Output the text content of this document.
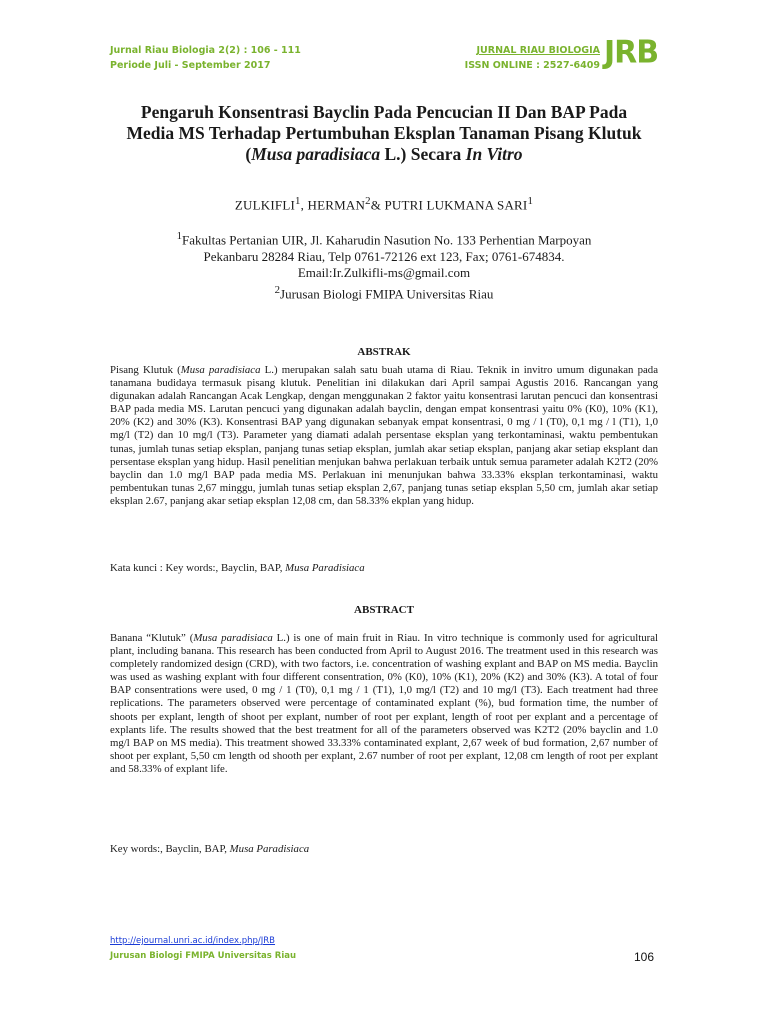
Jurnal Riau Biologia 2(2) : 106 - 111
Periode Juli - September 2017
JURNAL RIAU BIOLOGIA
ISSN ONLINE : 2527-6409 JRB
Pengaruh Konsentrasi Bayclin Pada Pencucian II Dan BAP Pada
Media MS Terhadap Pertumbuhan Eksplan Tanaman Pisang Klutuk
(Musa paradisiaca L.) Secara In Vitro
ZULKIFLI$^1$, HERMAN$^2$& PUTRI LUKMANA SARI$^1$
$^1$Fakultas Pertanian UIR, Jl. Kaharudin Nasution No. 133 Perhentian Marpoyan
Pekanbaru 28284 Riau, Telp 0761-72126 ext 123, Fax; 0761-674834.
Email:Ir.Zulkifli-ms@gmail.com
$^2$Jurusan Biologi FMIPA Universitas Riau
ABSTRAK
Pisang Klutuk (Musa paradisiaca L.) merupakan salah satu buah utama di Riau. Teknik in invitro umum digunakan pada tanamana budidaya termasuk pisang klutuk. Penelitian ini dilakukan dari April sampai Agustis 2016. Rancangan yang digunakan adalah Rancangan Acak Lengkap, dengan menggunakan 2 faktor yaitu konsentrasi larutan pencuci dan konsentrasi BAP pada media MS. Larutan pencuci yang digunakan adalah bayclin, dengan empat konsentrasi yaitu 0% (K0), 10% (K1), 20% (K2) and 30% (K3). Konsentrasi BAP yang digunakan sebanyak empat konsentrasi, 0 mg / l (T0), 0,1 mg / l (T1), 1,0 mg/l (T2) dan 10 mg/l (T3). Parameter yang diamati adalah persentase eksplan yang terkontaminasi, waktu pembentukan tunas, jumlah tunas setiap eksplan, panjang tunas setiap eksplan, jumlah akar setiap eksplan, panjang akar setiap eksplant dan persentase eksplan yang hidup. Hasil penelitian menjukan bahwa perlakuan terbaik untuk semua parameter adalah K2T2 (20% bayclin dan 1.0 mg/l BAP pada media MS. Perlakuan ini menunjukan bahwa 33.33% eksplan terkontaminasi, waktu pembentukan tunas 2,67 minggu, jumlah tunas setiap eksplan 2,67, panjang tunas setiap eksplan 5,50 cm, jumlah akar setiap eksplan 2.67, panjang akar setiap eksplan 12,08 cm, dan 58.33% ekplan yang hidup.
Kata kunci : Key words:, Bayclin, BAP, Musa Paradisiaca
ABSTRACT
Banana “Klutuk” (Musa paradisiaca L.) is one of main fruit in Riau. In vitro technique is commonly used for agricultural plant, including banana. This research has been conducted from April to August 2016. The treatment used in this research was completely randomized design (CRD), with two factors, i.e. concentration of washing explant and BAP on MS media. Bayclin was used as washing explant with four different consentration, 0% (K0), 10% (K1), 20% (K2) and 30% (K3). A total of four BAP consentrations were used, 0 mg / 1 (T0), 0,1 mg / 1 (T1), 1,0 mg/l (T2) and 10 mg/l (T3). Each treatment had three replications. The parameters observed were percentage of contaminated explant (%), bud formation time, the number of shoots per explant, length of shoot per explant, number of root per explant, length of root per explant and a percentage of explants life. The results showed that the best treatment for all of the parameters observed was K2T2 (20% bayclin and 1.0 mg/l BAP on MS media). This treatment showed 33.33% contaminated explant, 2,67 week of bud formation, 2,67 number of shoot per explant, 5,50 cm length od shooth per explant, 2.67 number of root per explant, 12,08 cm length of root per explant and 58.33% of explant life.
Key words:, Bayclin, BAP, Musa Paradisiaca
http://ejournal.unri.ac.id/index.php/JRB
Jurusan Biologi FMIPA Universitas Riau	106
